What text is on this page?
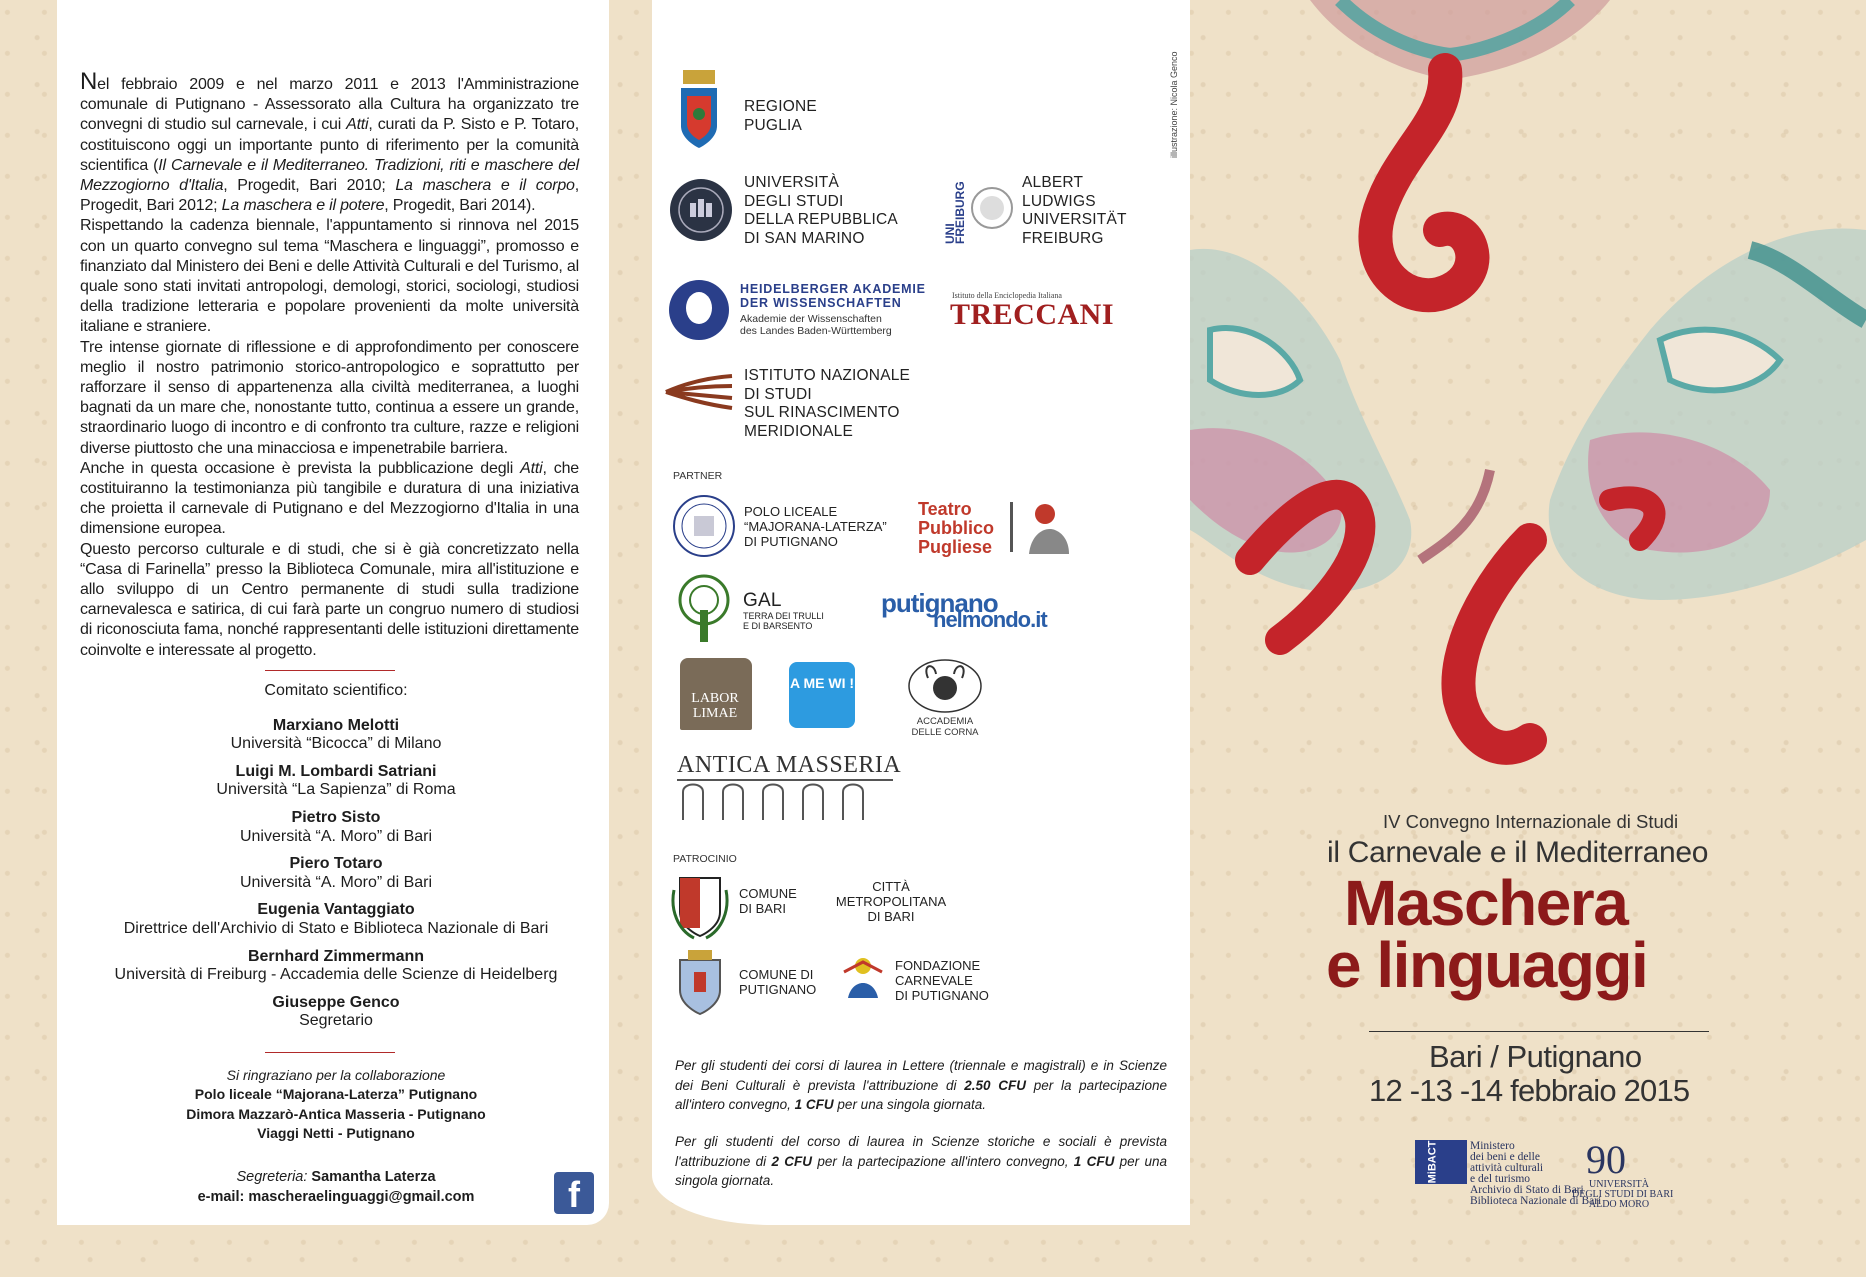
Nel febbraio 2009 e nel marzo 2011 e 2013 l'Amministrazione comunale di Putignano - Assessorato alla Cultura ha organizzato tre convegni di studio sul carnevale, i cui Atti, curati da P. Sisto e P. Totaro, costituiscono oggi un importante punto di riferimento per la comunità scientifica (Il Carnevale e il Mediterraneo. Tradizioni, riti e maschere del Mezzogiorno d'Italia, Progedit, Bari 2010; La maschera e il corpo, Progedit, Bari 2012; La maschera e il potere, Progedit, Bari 2014).

Rispettando la cadenza biennale, l'appuntamento si rinnova nel 2015 con un quarto convegno sul tema “Maschera e linguaggi”, promosso e finanziato dal Ministero dei Beni e delle Attività Culturali e del Turismo, al quale sono stati invitati antropologi, demologi, storici, sociologi, studiosi della tradizione letteraria e popolare provenienti da molte università italiane e straniere.

Tre intense giornate di riflessione e di approfondimento per conoscere meglio il nostro patrimonio storico-antropologico e soprattutto per rafforzare il senso di appartenenza alla civiltà mediterranea, a luoghi bagnati da un mare che, nonostante tutto, continua a essere un grande, straordinario luogo di incontro e di confronto tra culture, razze e religioni diverse piuttosto che una minacciosa e impenetrabile barriera.

Anche in questa occasione è prevista la pubblicazione degli Atti, che costituiranno la testimonianza più tangibile e duratura di una iniziativa che proietta il carnevale di Putignano e del Mezzogiorno d'Italia in una dimensione europea.

Questo percorso culturale e di studi, che si è già concretizzato nella “Casa di Farinella” presso la Biblioteca Comunale, mira all'istituzione e allo sviluppo di un Centro permanente di studi sulla tradizione carnevalesca e satirica, di cui farà parte un congruo numero di studiosi di riconosciuta fama, nonché rappresentanti delle istituzioni direttamente coinvolte e interessate al progetto.

Comitato scientifico:
Marxiano Melotti
Università “Bicocca” di Milano
Luigi M. Lombardi Satriani
Università “La Sapienza” di Roma
Pietro Sisto
Università “A. Moro” di Bari
Piero Totaro
Università “A. Moro” di Bari
Eugenia Vantaggiato
Direttrice dell'Archivio di Stato e Biblioteca Nazionale di Bari
Bernhard Zimmermann
Università di Freiburg - Accademia delle Scienze di Heidelberg
Giuseppe Genco
Segretario
Si ringraziano per la collaborazione
Polo liceale “Majorana-Laterza” Putignano
Dimora Mazzarò-Antica Masseria - Putignano
Viaggi Netti - Putignano
Segreteria: Samantha Laterza
e-mail: mascheraelinguaggi@gmail.com	f
illustrazione: Nicola Genco
REGIONE
PUGLIA
UNIVERSITÀ
DEGLI STUDI
DELLA REPUBBLICA
DI SAN MARINO	UNI
FREIBURG	ALBERT
LUDWIGS
UNIVERSITÄT
FREIBURG
HEIDELBERGER AKADEMIE
DER WISSENSCHAFTEN
Akademie der Wissenschaften
des Landes Baden-Württemberg
Istituto della Enciclopedia Italiana
TRECCANI
ISTITUTO NAZIONALE
DI STUDI
SUL RINASCIMENTO
MERIDIONALE
PARTNER
POLO LICEALE
“MAJORANA-LATERZA”
DI PUTIGNANO
Teatro
Pubblico
Pugliese
GAL
TERRA DEI TRULLI
E DI BARSENTO
putignano
nelmondo.it
LABOR
LIMAE
A ME WI !
ACCADEMIA
DELLE CORNA
ANTICA MASSERIA
PATROCINIO
COMUNE
DI BARI
CITTÀ
METROPOLITANA
DI BARI
COMUNE DI
PUTIGNANO
FONDAZIONE
CARNEVALE
DI PUTIGNANO
Per gli studenti dei corsi di laurea in Lettere (triennale e magistrali) e in Scienze dei Beni Culturali è prevista l'attribuzione di 2.50 CFU per la partecipazione all'intero convegno, 1 CFU per una singola giornata.
Per gli studenti del corso di laurea in Scienze storiche e sociali è prevista l'attribuzione di 2 CFU per la partecipazione all'intero convegno, 1 CFU per una singola giornata.
IV Convegno Internazionale di Studi
il Carnevale e il Mediterraneo
Maschera
e linguaggi
Bari / Putignano
12 -13 -14 febbraio 2015
MiBACT	Ministero
dei beni e delle
attività culturali
e del turismo
Archivio di Stato di Bari
Biblioteca Nazionale di Bari
90
UNIVERSITÀ
DEGLI STUDI DI BARI
ALDO MORO
